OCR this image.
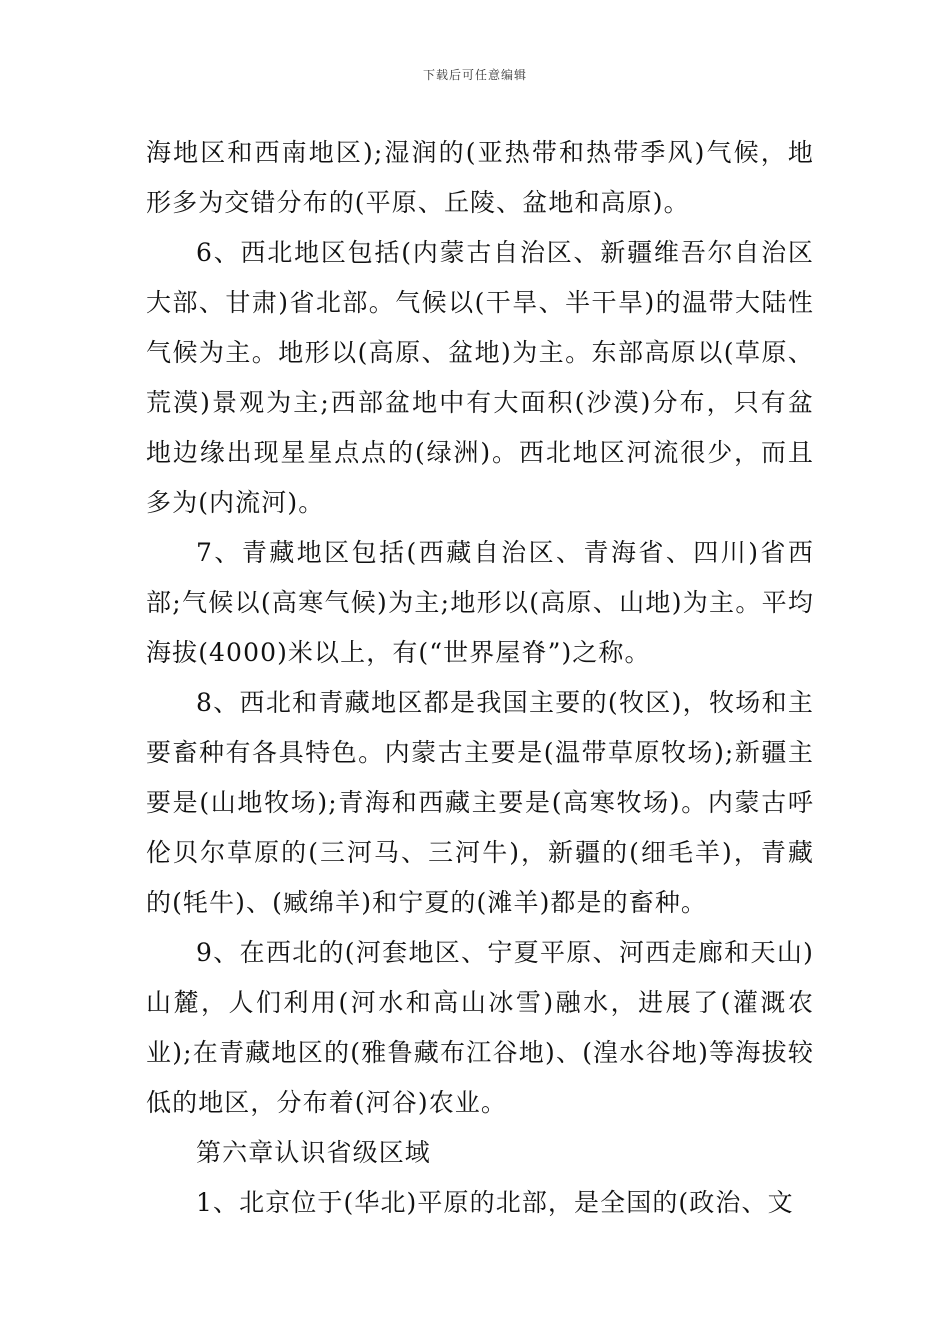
下载后可任意编辑

海地区和西南地区);湿润的(亚热带和热带季风)气候，地形多为交错分布的(平原、丘陵、盆地和高原)。

6、西北地区包括(内蒙古自治区、新疆维吾尔自治区大部、甘肃)省北部。气候以(干旱、半干旱)的温带大陆性气候为主。地形以(高原、盆地)为主。东部高原以(草原、荒漠)景观为主;西部盆地中有大面积(沙漠)分布，只有盆地边缘出现星星点点的(绿洲)。西北地区河流很少，而且多为(内流河)。

7、青藏地区包括(西藏自治区、青海省、四川)省西部;气候以(高寒气候)为主;地形以(高原、山地)为主。平均海拔(4000)米以上，有(“世界屋脊”)之称。

8、西北和青藏地区都是我国主要的(牧区)，牧场和主要畜种有各具特色。内蒙古主要是(温带草原牧场);新疆主要是(山地牧场);青海和西藏主要是(高寒牧场)。内蒙古呼伦贝尔草原的(三河马、三河牛)，新疆的(细毛羊)，青藏的(牦牛)、(臧绵羊)和宁夏的(滩羊)都是的畜种。

9、在西北的(河套地区、宁夏平原、河西走廊和天山)山麓，人们利用(河水和高山冰雪)融水，进展了(灌溉农业);在青藏地区的(雅鲁藏布江谷地)、(湟水谷地)等海拔较低的地区，分布着(河谷)农业。

第六章认识省级区域

1、北京位于(华北)平原的北部，是全国的(政治、文
